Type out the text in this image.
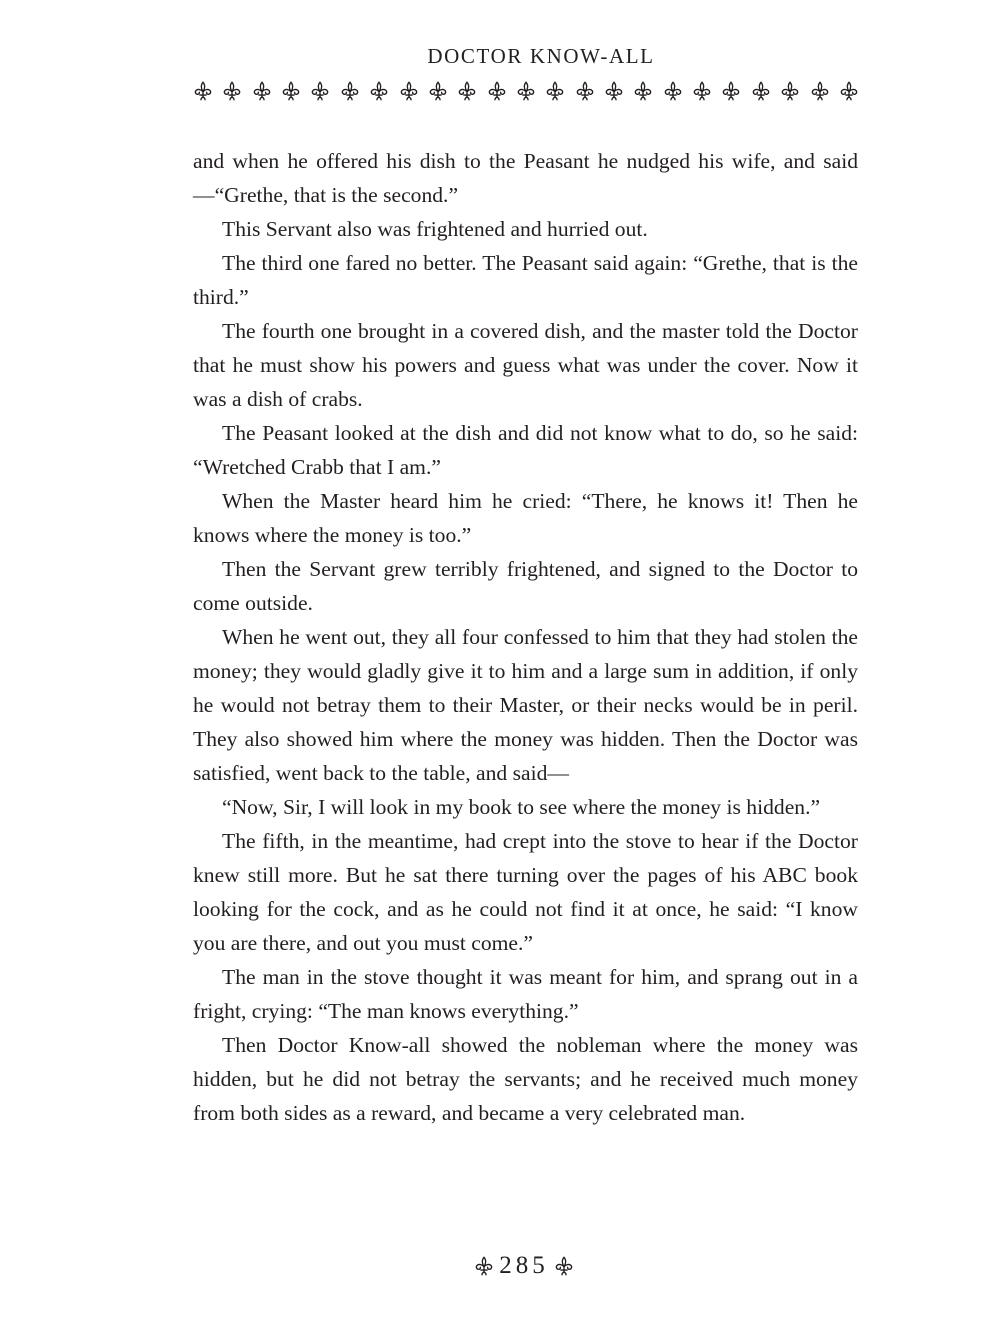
DOCTOR KNOW-ALL

and when he offered his dish to the Peasant he nudged his wife, and said—“Grethe, that is the second.”

This Servant also was frightened and hurried out.

The third one fared no better. The Peasant said again: “Grethe, that is the third.”

The fourth one brought in a covered dish, and the master told the Doctor that he must show his powers and guess what was under the cover. Now it was a dish of crabs.

The Peasant looked at the dish and did not know what to do, so he said: “Wretched Crabb that I am.”

When the Master heard him he cried: “There, he knows it! Then he knows where the money is too.”

Then the Servant grew terribly frightened, and signed to the Doctor to come outside.

When he went out, they all four confessed to him that they had stolen the money; they would gladly give it to him and a large sum in addition, if only he would not betray them to their Master, or their necks would be in peril. They also showed him where the money was hidden. Then the Doctor was satisfied, went back to the table, and said—

“Now, Sir, I will look in my book to see where the money is hidden.”

The fifth, in the meantime, had crept into the stove to hear if the Doctor knew still more. But he sat there turning over the pages of his ABC book looking for the cock, and as he could not find it at once, he said: “I know you are there, and out you must come.”

The man in the stove thought it was meant for him, and sprang out in a fright, crying: “The man knows everything.”

Then Doctor Know-all showed the nobleman where the money was hidden, but he did not betray the servants; and he received much money from both sides as a reward, and became a very celebrated man.

285
